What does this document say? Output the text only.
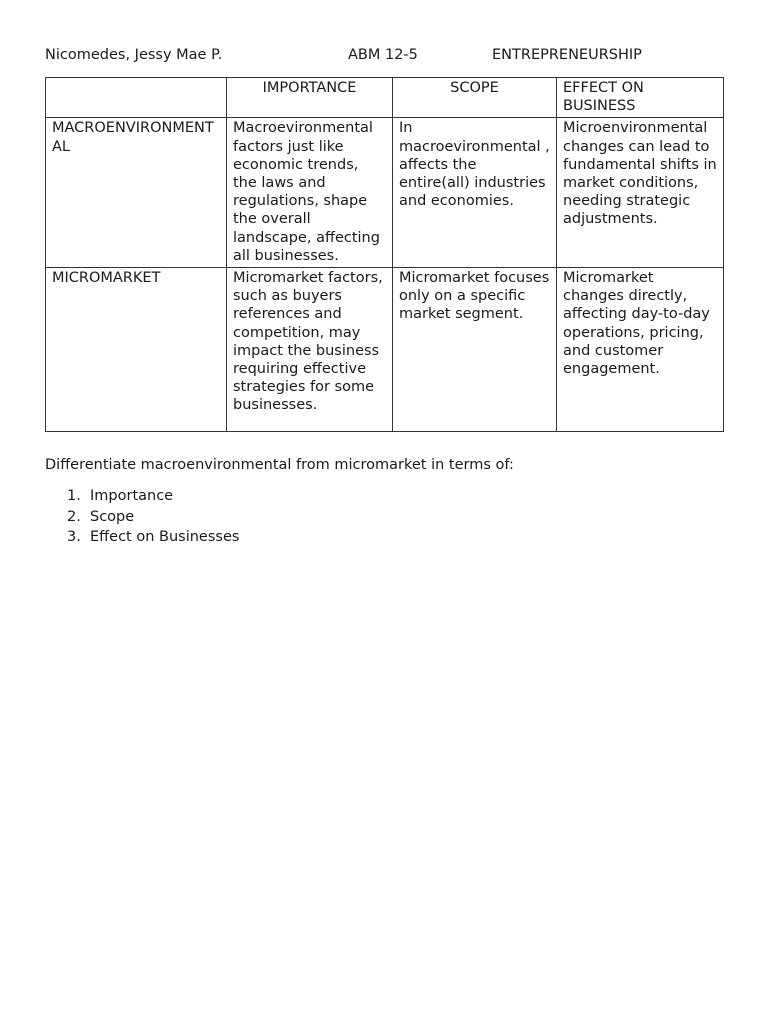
Nicomedes, Jessy Mae P.	ABM 12-5	ENTREPRENEURSHIP
	IMPORTANCE	SCOPE	EFFECT ON BUSINESS
MACROENVIRONMENTAL	Macroevironmental factors just like economic trends, the laws and regulations, shape the overall landscape, affecting all businesses.	In macroevironmental , affects the entire(all) industries and economies.	Microenvironmental changes can lead to fundamental shifts in market conditions, needing strategic adjustments.
MICROMARKET	Micromarket factors, such as buyers references and competition, may impact the business requiring effective strategies for some businesses.	Micromarket focuses only on a specific market segment.	Micromarket changes directly, affecting day-to-day operations, pricing, and customer engagement.
Differentiate macroenvironmental from micromarket in terms of:
1. Importance
2. Scope
3. Effect on Businesses
